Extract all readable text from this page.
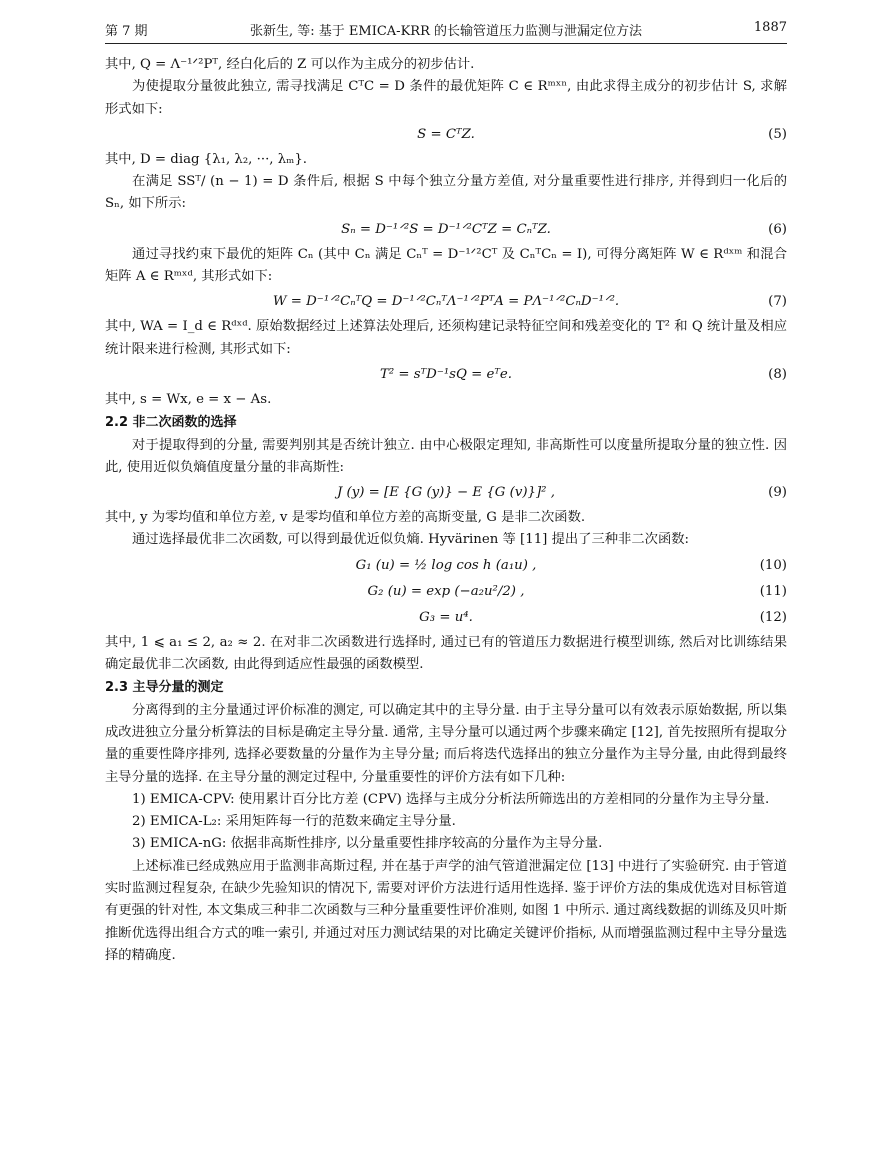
第 7 期	张新生, 等: 基于 EMICA-KRR 的长输管道压力监测与泄漏定位方法	1887

其中, Q = Λ⁻¹ᐟ²Pᵀ, 经白化后的 Z 可以作为主成分的初步估计.

为使提取分量彼此独立, 需寻找满足 CᵀC = D 条件的最优矩阵 C ∈ Rᵐˣⁿ, 由此求得主成分的初步估计 S, 求解形式如下:

S = CᵀZ.	(5)

其中, D = diag {λ₁, λ₂, ···, λₘ}.

在满足 SSᵀ/ (n − 1) = D 条件后, 根据 S 中每个独立分量方差值, 对分量重要性进行排序, 并得到归一化后的 Sₙ, 如下所示:

Sₙ = D⁻¹ᐟ²S = D⁻¹ᐟ²CᵀZ = CₙᵀZ.	(6)

通过寻找约束下最优的矩阵 Cₙ (其中 Cₙ 满足 Cₙᵀ = D⁻¹ᐟ²Cᵀ 及 CₙᵀCₙ = I), 可得分离矩阵 W ∈ Rᵈˣᵐ 和混合矩阵 A ∈ Rᵐˣᵈ, 其形式如下:

W = D⁻¹ᐟ²CₙᵀQ = D⁻¹ᐟ²CₙᵀΛ⁻¹ᐟ²PᵀA = PΛ⁻¹ᐟ²CₙD⁻¹ᐟ².	(7)

其中, WA = I_d ∈ Rᵈˣᵈ. 原始数据经过上述算法处理后, 还须构建记录特征空间和残差变化的 T² 和 Q 统计量及相应统计限来进行检测, 其形式如下:

T² = sᵀD⁻¹sQ = eᵀe.	(8)

其中, s = Wx, e = x − As.

2.2 非二次函数的选择

对于提取得到的分量, 需要判别其是否统计独立. 由中心极限定理知, 非高斯性可以度量所提取分量的独立性. 因此, 使用近似负熵值度量分量的非高斯性:

J (y) = [E {G (y)} − E {G (v)}]² ,	(9)

其中, y 为零均值和单位方差, v 是零均值和单位方差的高斯变量, G 是非二次函数.

通过选择最优非二次函数, 可以得到最优近似负熵. Hyvärinen 等 [11] 提出了三种非二次函数:

G₁ (u) = ½ log cos h (a₁u) ,	(10)
G₂ (u) = exp (−a₂u²/2) ,	(11)
G₃ = u⁴.	(12)

其中, 1 ⩽ a₁ ≤ 2, a₂ ≈ 2. 在对非二次函数进行选择时, 通过已有的管道压力数据进行模型训练, 然后对比训练结果确定最优非二次函数, 由此得到适应性最强的函数模型.

2.3 主导分量的测定

分离得到的主分量通过评价标准的测定, 可以确定其中的主导分量. 由于主导分量可以有效表示原始数据, 所以集成改进独立分量分析算法的目标是确定主导分量. 通常, 主导分量可以通过两个步骤来确定 [12], 首先按照所有提取分量的重要性降序排列, 选择必要数量的分量作为主导分量; 而后将迭代选择出的独立分量作为主导分量, 由此得到最终主导分量的选择. 在主导分量的测定过程中, 分量重要性的评价方法有如下几种:

1) EMICA-CPV: 使用累计百分比方差 (CPV) 选择与主成分分析法所筛选出的方差相同的分量作为主导分量.

2) EMICA-L₂: 采用矩阵每一行的范数来确定主导分量.

3) EMICA-nG: 依据非高斯性排序, 以分量重要性排序较高的分量作为主导分量.

上述标准已经成熟应用于监测非高斯过程, 并在基于声学的油气管道泄漏定位 [13] 中进行了实验研究. 由于管道实时监测过程复杂, 在缺少先验知识的情况下, 需要对评价方法进行适用性选择. 鉴于评价方法的集成优选对目标管道有更强的针对性, 本文集成三种非二次函数与三种分量重要性评价准则, 如图 1 中所示. 通过离线数据的训练及贝叶斯推断优选得出组合方式的唯一索引, 并通过对压力测试结果的对比确定关键评价指标, 从而增强监测过程中主导分量选择的精确度.
